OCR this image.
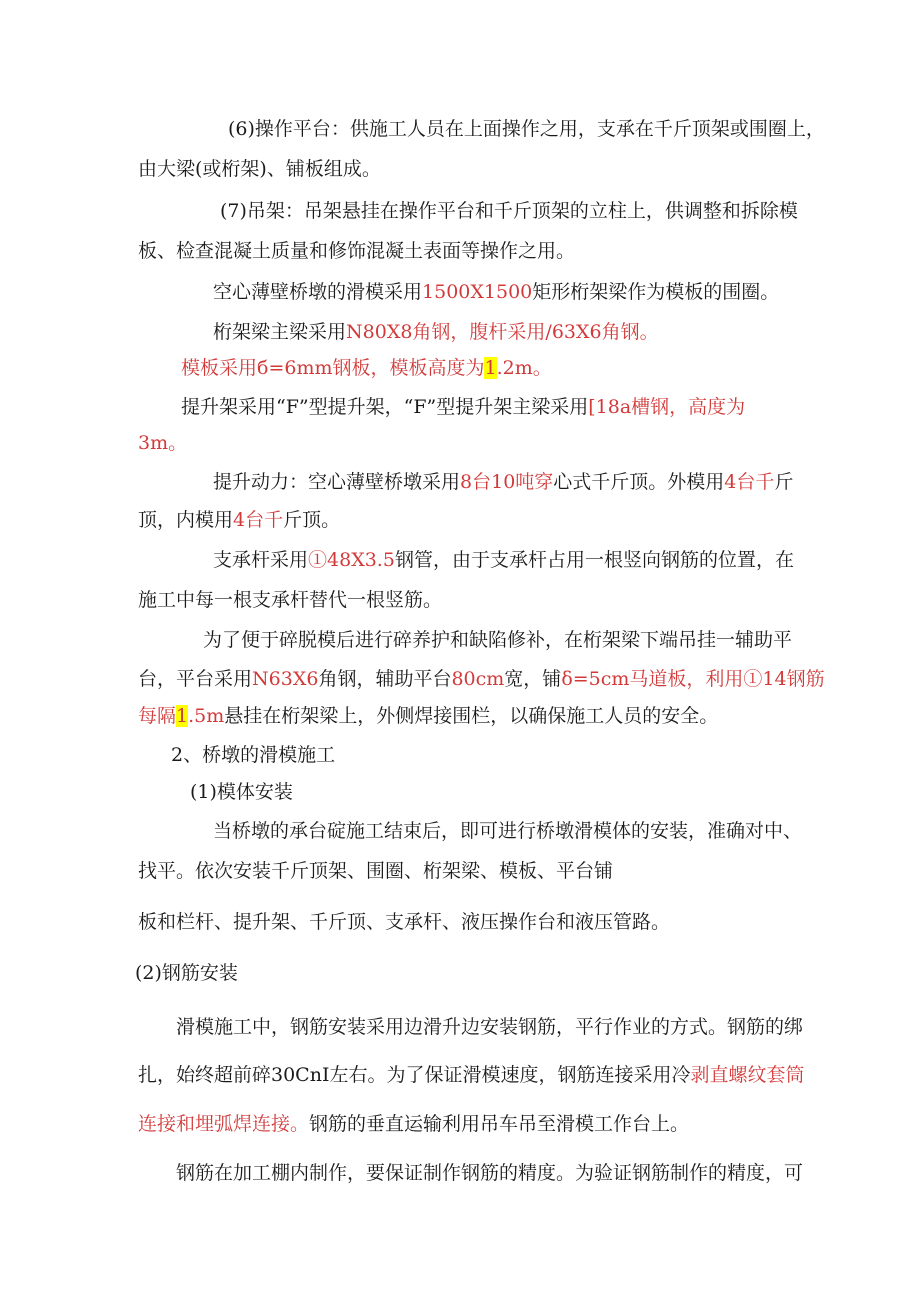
(6)操作平台：供施工人员在上面操作之用，支承在千斤顶架或围圈上，
由大梁(或桁架)、铺板组成。
(7)吊架：吊架悬挂在操作平台和千斤顶架的立柱上，供调整和拆除模
板、检查混凝土质量和修饰混凝土表面等操作之用。
空心薄壁桥墩的滑模采用1500X1500矩形桁架梁作为模板的围圈。
桁架梁主梁采用N80X8角钢，腹杆采用/63X6角钢。
模板采用б=6mm钢板，模板高度为1.2m。
提升架采用“F”型提升架，“F”型提升架主梁采用[18a槽钢，高度为
3m。
提升动力：空心薄壁桥墩采用8台10吨穿心式千斤顶。外模用4台千斤
顶，内模用4台千斤顶。
支承杆采用①48X3.5钢管，由于支承杆占用一根竖向钢筋的位置，在
施工中每一根支承杆替代一根竖筋。
为了便于碎脱模后进行碎养护和缺陷修补，在桁架梁下端吊挂一辅助平
台，平台采用N63X6角钢，辅助平台80cm宽，铺δ=5cm马道板，利用①14钢筋
每隔1.5m悬挂在桁架梁上，外侧焊接围栏，以确保施工人员的安全。
2、桥墩的滑模施工
(1)模体安装
当桥墩的承台碇施工结束后，即可进行桥墩滑模体的安装，准确对中、
找平。依次安装千斤顶架、围圈、桁架梁、模板、平台铺
板和栏杆、提升架、千斤顶、支承杆、液压操作台和液压管路。
(2)钢筋安装
滑模施工中，钢筋安装采用边滑升边安装钢筋，平行作业的方式。钢筋的绑
扎，始终超前碎30CnI左右。为了保证滑模速度，钢筋连接采用冷剥直螺纹套筒
连接和埋弧焊连接。钢筋的垂直运输利用吊车吊至滑模工作台上。
钢筋在加工棚内制作，要保证制作钢筋的精度。为验证钢筋制作的精度，可
